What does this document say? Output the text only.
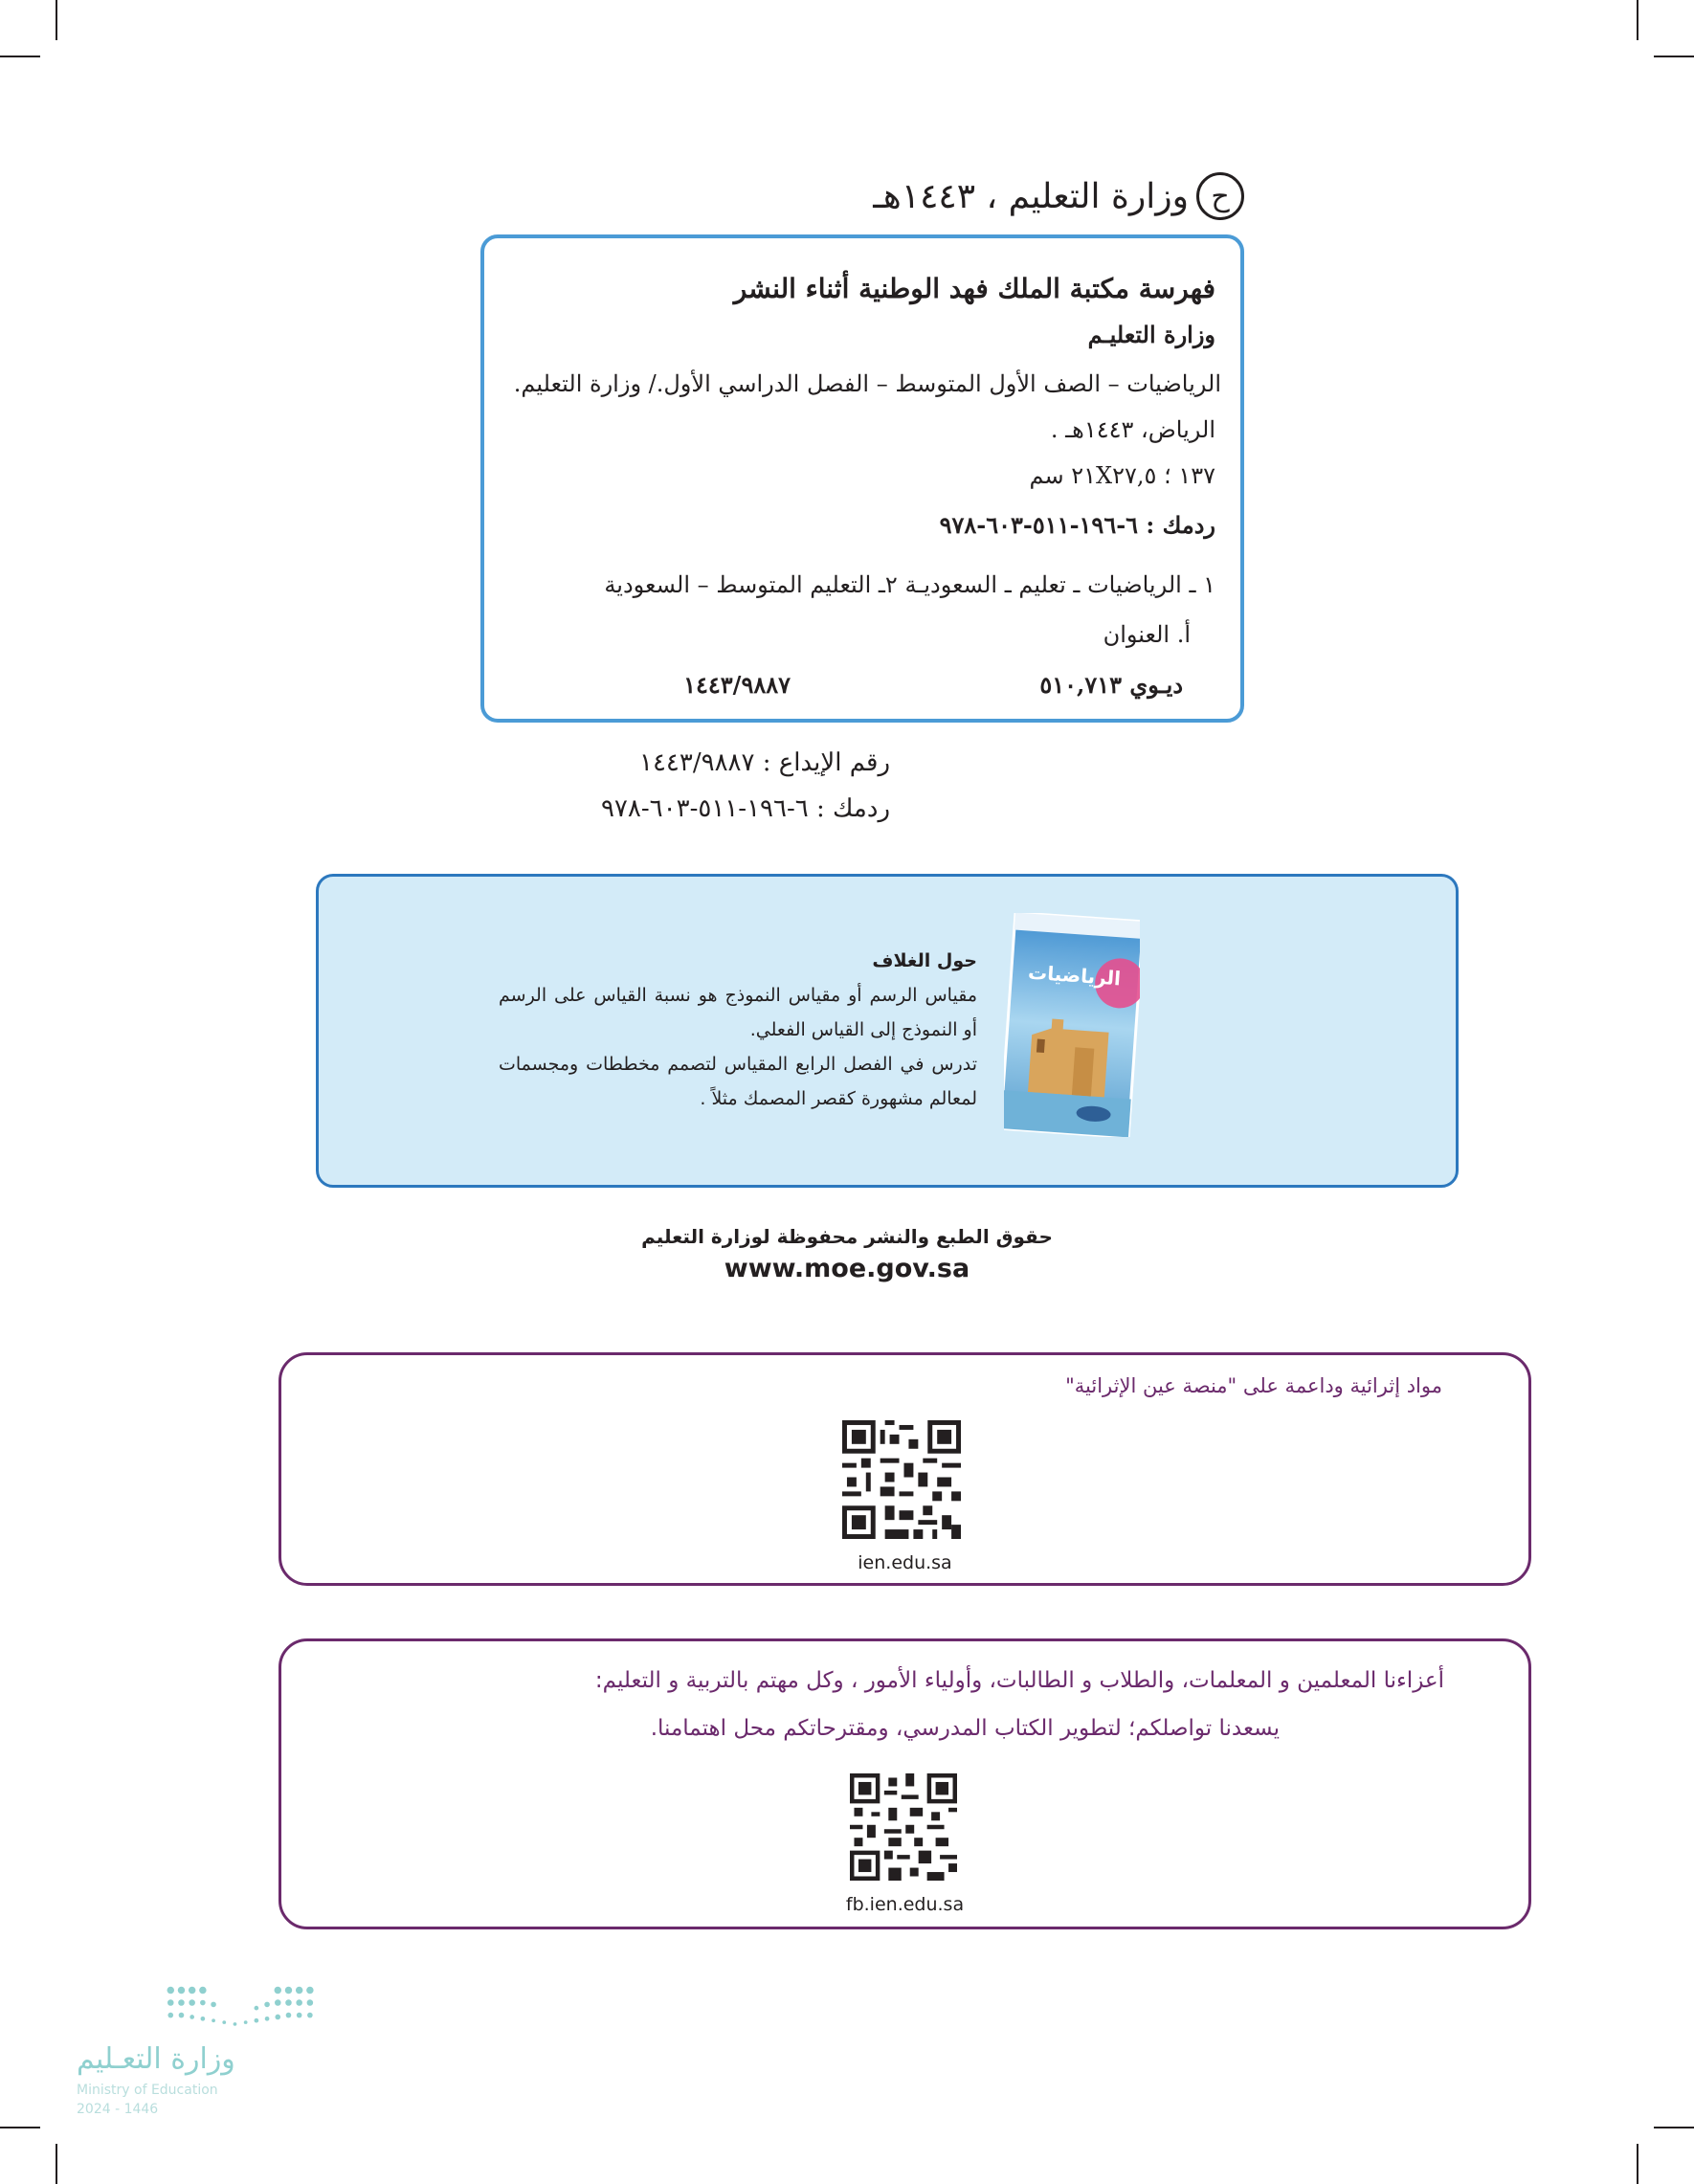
ح
وزارة التعليم ، ١٤٤٣هـ
فهرسة مكتبة الملك فهد الوطنية أثناء النشر
وزارة التعليـم
الرياضيات – الصف الأول المتوسط – الفصل الدراسي الأول./ وزارة التعليم.
الرياض، ١٤٤٣هـ .
١٣٧ ؛ ٢١X٢٧,٥ سم
ردمك : ٦-١٩٦-٥١١-٦٠٣-٩٧٨
١ ـ الرياضيات ـ تعليم ـ السعوديـة ٢ـ التعليم المتوسط – السعودية
أ. العنوان
ديـوي ٥١٠,٧١٣
١٤٤٣/٩٨٨٧
رقم الإيداع : ١٤٤٣/٩٨٨٧
ردمك : ٦-١٩٦-٥١١-٦٠٣-٩٧٨
حول الغلاف
مقياس الرسم أو مقياس النموذج هو نسبة القياس على الرسم أو النموذج إلى القياس الفعلي.
تدرس في الفصل الرابع المقياس لتصمم مخططات ومجسمات لمعالم مشهورة كقصر المصمك مثلاً .
الرياضيات
حقوق الطبع والنشر محفوظة لوزارة التعليم
www.moe.gov.sa
مواد إثرائية وداعمة على "منصة عين الإثرائية"
ien.edu.sa
أعزاءنا المعلمين و المعلمات، والطلاب و الطالبات، وأولياء الأمور ، وكل مهتم بالتربية و التعليم:
يسعدنا تواصلكم؛ لتطوير الكتاب المدرسي، ومقترحاتكم محل اهتمامنا.
fb.ien.edu.sa
وزارة التعـليم
Ministry of Education
2024 - 1446
